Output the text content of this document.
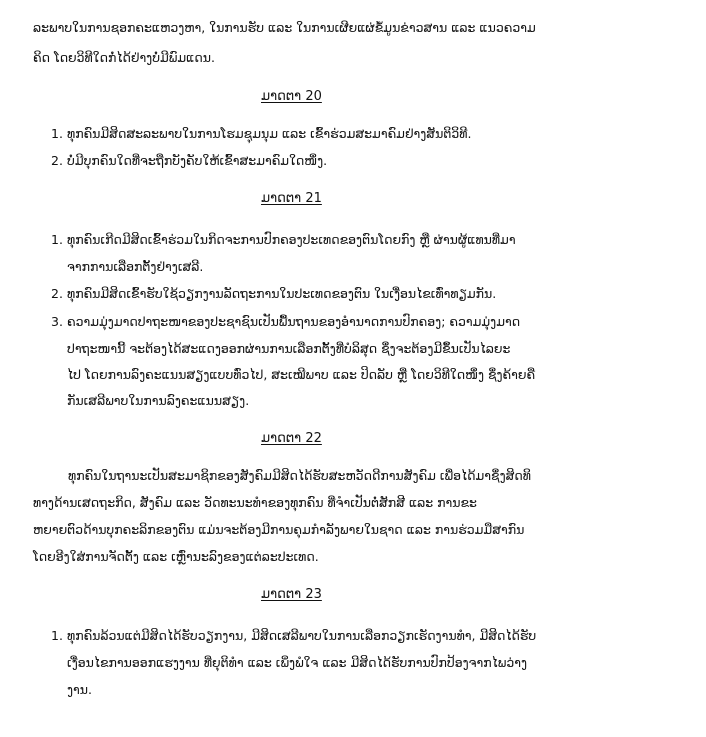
ລະພາບໃນການຊອກຄະແຫວງຫາ, ໃນການຮັບ ແລະ ໃນການເຜີຍແຜ່ຂໍ້ມູນຂ່າວສານ ແລະ ແນວຄວາມ
ຄິດ ໂດຍວິທີໃດກໍ່ໄດ້ຢ່າງບໍ່ມີພົມແດນ.
ມາດຕາ 20
1. ທຸກຄົນມີສິດສະລະພາບໃນການໂຮມຊຸມນຸມ ແລະ ເຂົ້າຮ່ວມສະມາຄົມຢ່າງສັນຕິວິທີ.
2. ບໍ່ມີບຸກຄົນໃດທີ່ຈະຖືກບັງຄັບໃຫ້ເຂົ້າສະມາຄົມໃດໜຶ່ງ.
ມາດຕາ 21
1. ທຸກຄົນເກີດມີສິດເຂົ້າຮ່ວມໃນກິດຈະການປົກຄອງປະເທດຂອງຕົນໂດຍກົງ ຫຼື ຜ່ານຜູ້ແທນທີ່ມາ
ຈາກການເລືອກຕັ້ງຢ່າງເສລີ.
2. ທຸກຄົນມີສິດເຂົ້າຮັບໃຊ້ວຽກງານລັດຖະການໃນປະເທດຂອງຕົນ ໃນເງື່ອນໄຂເທົ່າທຽມກັນ.
3. ຄວາມມຸ່ງມາດປາຖະໜາຂອງປະຊາຊົນເປັນພື້ນຖານຂອງອຳນາດການປົກຄອງ; ຄວາມມຸ່ງມາດ
ປາຖະໜານີ້ ຈະຕ້ອງໄດ້ສະແດງອອກຜ່ານການເລືອກຕັ້ງທີ່ບໍລິສຸດ ຊຶ່ງຈະຕ້ອງມີຂຶ້ນເປັນໄລຍະ
ໄປ ໂດຍການລົງຄະແນນສຽງແບບທົ່ວໄປ, ສະເໝີພາບ ແລະ ປິດລັບ ຫຼື ໂດຍວິທີໃດໜຶ່ງ ຊຶ່ງຄ້າຍຄື
ກັນເສລີພາບໃນການລົງຄະແນນສຽງ.
ມາດຕາ 22
ທຸກຄົນໃນຖານະເປັນສະມາຊິກຂອງສັງຄົມມີສິດໄດ້ຮັບສະຫວັດດີການສັງຄົມ ເພື່ອໄດ້ມາຊຶ່ງສິດທິ
ທາງດ້ານເສດຖະກິດ, ສັງຄົມ ແລະ ວັດທະນະທຳຂອງທຸກຄົນ ທີ່ຈຳເປັນຕໍ່ສັກສີ ແລະ ການຂະ
ຫຍາຍຕົວດ້ານບຸກຄະລິກຂອງຕົນ ແມ່ນຈະຕ້ອງມີການຄຸມກຳລັງພາຍໃນຊາດ ແລະ ການຮ່ວມມືສາກົນ
ໂດຍອີງໃສ່ການຈັດຕັ້ງ ແລະ ເຫຼົ່ານະລົງຂອງແຕ່ລະປະເທດ.
ມາດຕາ 23
1. ທຸກຄົນລ້ວນແຕ່ມີສິດໄດ້ຮັບວຽກງານ, ມີສິດເສລີພາບໃນການເລືອກວຽກເຮັດງານທຳ, ມີສິດໄດ້ຮັບ
ເງື່ອນໄຂການອອກແຮງງານ ທີ່ຍຸຕິທຳ ແລະ ເພິ່ງພໍໃຈ ແລະ ມີສິດໄດ້ຮັບການປົກປ້ອງຈາກໄພວ່າງ
ງານ.
